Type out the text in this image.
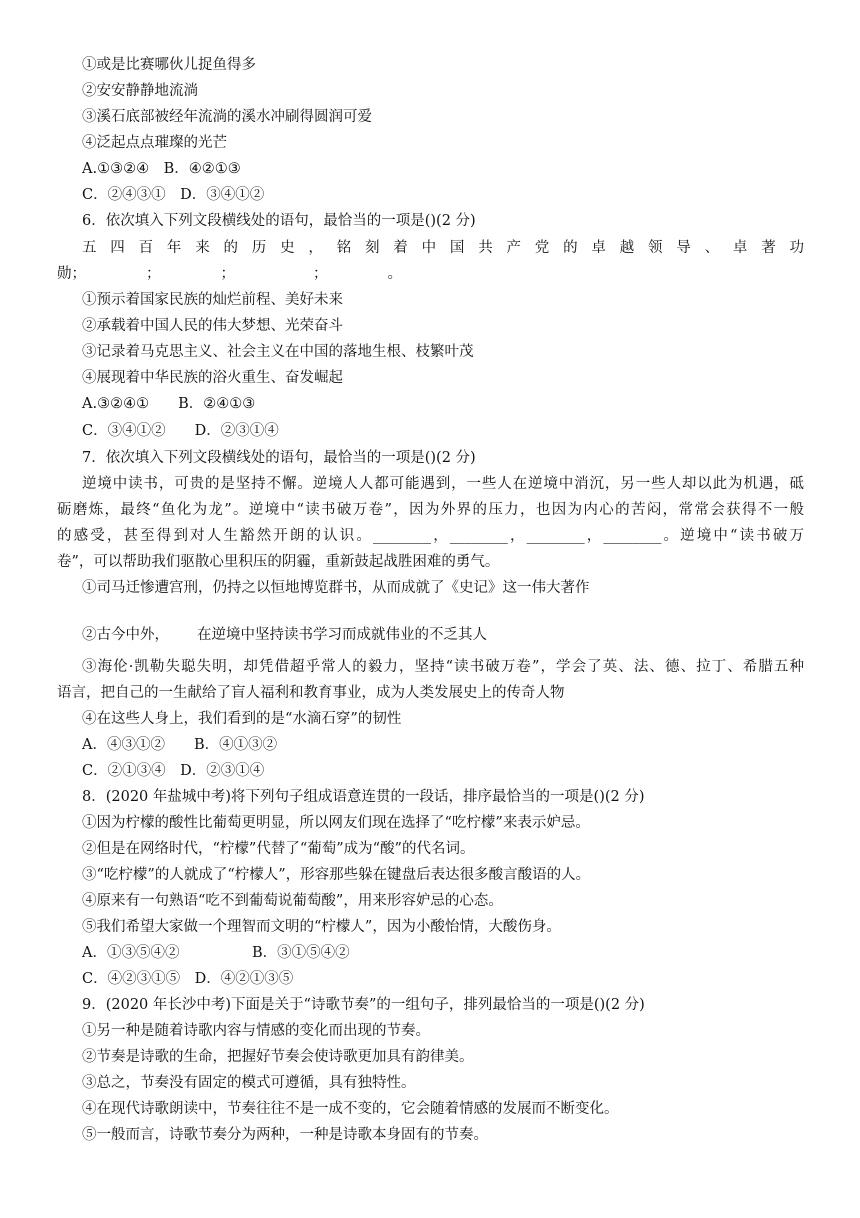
①或是比赛哪伙儿捉鱼得多
②安安静静地流淌
③溪石底部被经年流淌的溪水冲刷得圆润可爱
④泛起点点璀璨的光芒
A.①③②④　B．④②①③
C．②④③①　D．③④①②
6．依次填入下列文段横线处的语句，最恰当的一项是()(2 分)
五四百年来的历史，铭刻着中国共产党的卓越领导、卓著功
勋；	；	；	；	。
①预示着国家民族的灿烂前程、美好未来
②承载着中国人民的伟大梦想、光荣奋斗
③记录着马克思主义、社会主义在中国的落地生根、枝繁叶茂
④展现着中华民族的浴火重生、奋发崛起
A.③②④①　　B．②④①③
C．③④①②　　D．②③①④
7．依次填入下列文段横线处的语句，最恰当的一项是()(2 分)
逆境中读书，可贵的是坚持不懈。逆境人人都可能遇到，一些人在逆境中消沉，另一些人却以此为机遇，砥
砺磨炼，最终“鱼化为龙”。逆境中“读书破万卷”，因为外界的压力，也因为内心的苦闷，常常会获得不一般
的感受，甚至得到对人生豁然开朗的认识。________，________，________，________。逆境中“读书破万
卷”，可以帮助我们驱散心里积压的阴霾，重新鼓起战胜困难的勇气。
①司马迁惨遭宫刑，仍持之以恒地博览群书，从而成就了《史记》这一伟大著作
②古今中外， 在逆境中坚持读书学习而成就伟业的不乏其人
③海伦·凯勒失聪失明，却凭借超乎常人的毅力，坚持“读书破万卷”，学会了英、法、德、拉丁、希腊五种
语言，把自己的一生献给了盲人福利和教育事业，成为人类发展史上的传奇人物
④在这些人身上，我们看到的是“水滴石穿”的韧性
A．④③①②　　B．④①③②
C．②①③④　D．②③①④
8．(2020 年盐城中考)将下列句子组成语意连贯的一段话，排序最恰当的一项是()(2 分)
①因为柠檬的酸性比葡萄更明显，所以网友们现在选择了“吃柠檬”来表示妒忌。
②但是在网络时代，“柠檬”代替了“葡萄”成为“酸”的代名词。
③“吃柠檬”的人就成了“柠檬人”，形容那些躲在键盘后表达很多酸言酸语的人。
④原来有一句熟语“吃不到葡萄说葡萄酸”，用来形容妒忌的心态。
⑤我们希望大家做一个理智而文明的“柠檬人”，因为小酸怡情，大酸伤身。
A．①③⑤④②　　　　　B．③①⑤④②
C．④②③①⑤　D．④②①③⑤
9．(2020 年长沙中考)下面是关于“诗歌节奏”的一组句子，排列最恰当的一项是()(2 分)
①另一种是随着诗歌内容与情感的变化而出现的节奏。
②节奏是诗歌的生命，把握好节奏会使诗歌更加具有韵律美。
③总之，节奏没有固定的模式可遵循，具有独特性。
④在现代诗歌朗读中，节奏往往不是一成不变的，它会随着情感的发展而不断变化。
⑤一般而言，诗歌节奏分为两种，一种是诗歌本身固有的节奏。
